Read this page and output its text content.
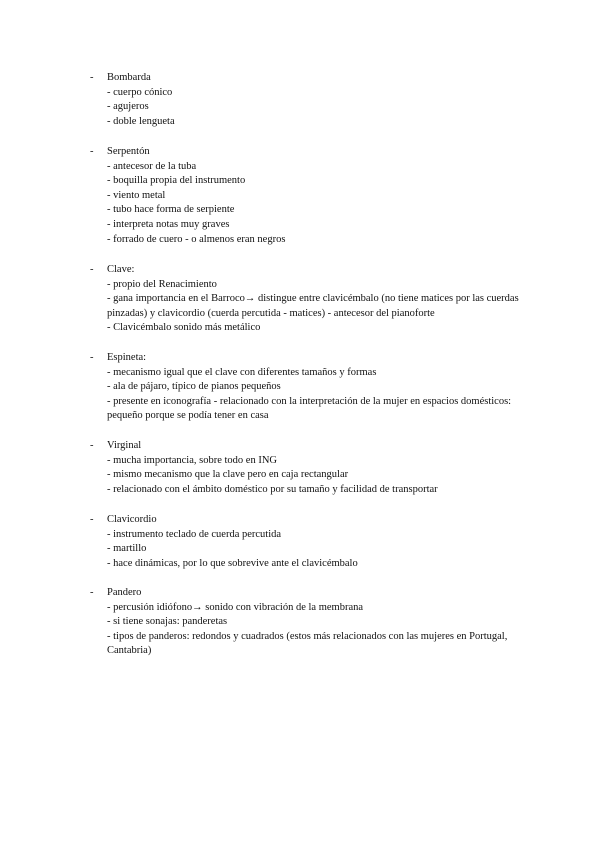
-	Bombarda
- cuerpo cónico
- agujeros
- doble lengueta
-	Serpentón
- antecesor de la tuba
- boquilla propia del instrumento
- viento metal
- tubo hace forma de serpiente
- interpreta notas muy graves
- forrado de cuero - o almenos eran negros
-	Clave:
- propio del Renacimiento
- gana importancia en el Barroco→ distingue entre clavicémbalo (no tiene matices por las cuerdas pinzadas) y clavicordio (cuerda percutida - matices) - antecesor del pianoforte
- Clavicémbalo sonido más metálico
-	Espineta:
- mecanismo igual que el clave con diferentes tamaños y formas
- ala de pájaro, típico de pianos pequeños
- presente en iconografía - relacionado con la interpretación de la mujer en espacios domésticos: pequeño porque se podía tener en casa
-	Virginal
- mucha importancia, sobre todo en ING
- mismo mecanismo que la clave pero en caja rectangular
- relacionado con el ámbito doméstico por su tamaño y facilidad de transportar
-	Clavicordio
- instrumento teclado de cuerda percutida
- martillo
- hace dinámicas, por lo que sobrevive ante el clavicémbalo
-	Pandero
- percusión idiófono→ sonido con vibración de la membrana
- si tiene sonajas: panderetas
- tipos de panderos: redondos y cuadrados (estos más relacionados con las mujeres en Portugal, Cantabria)
